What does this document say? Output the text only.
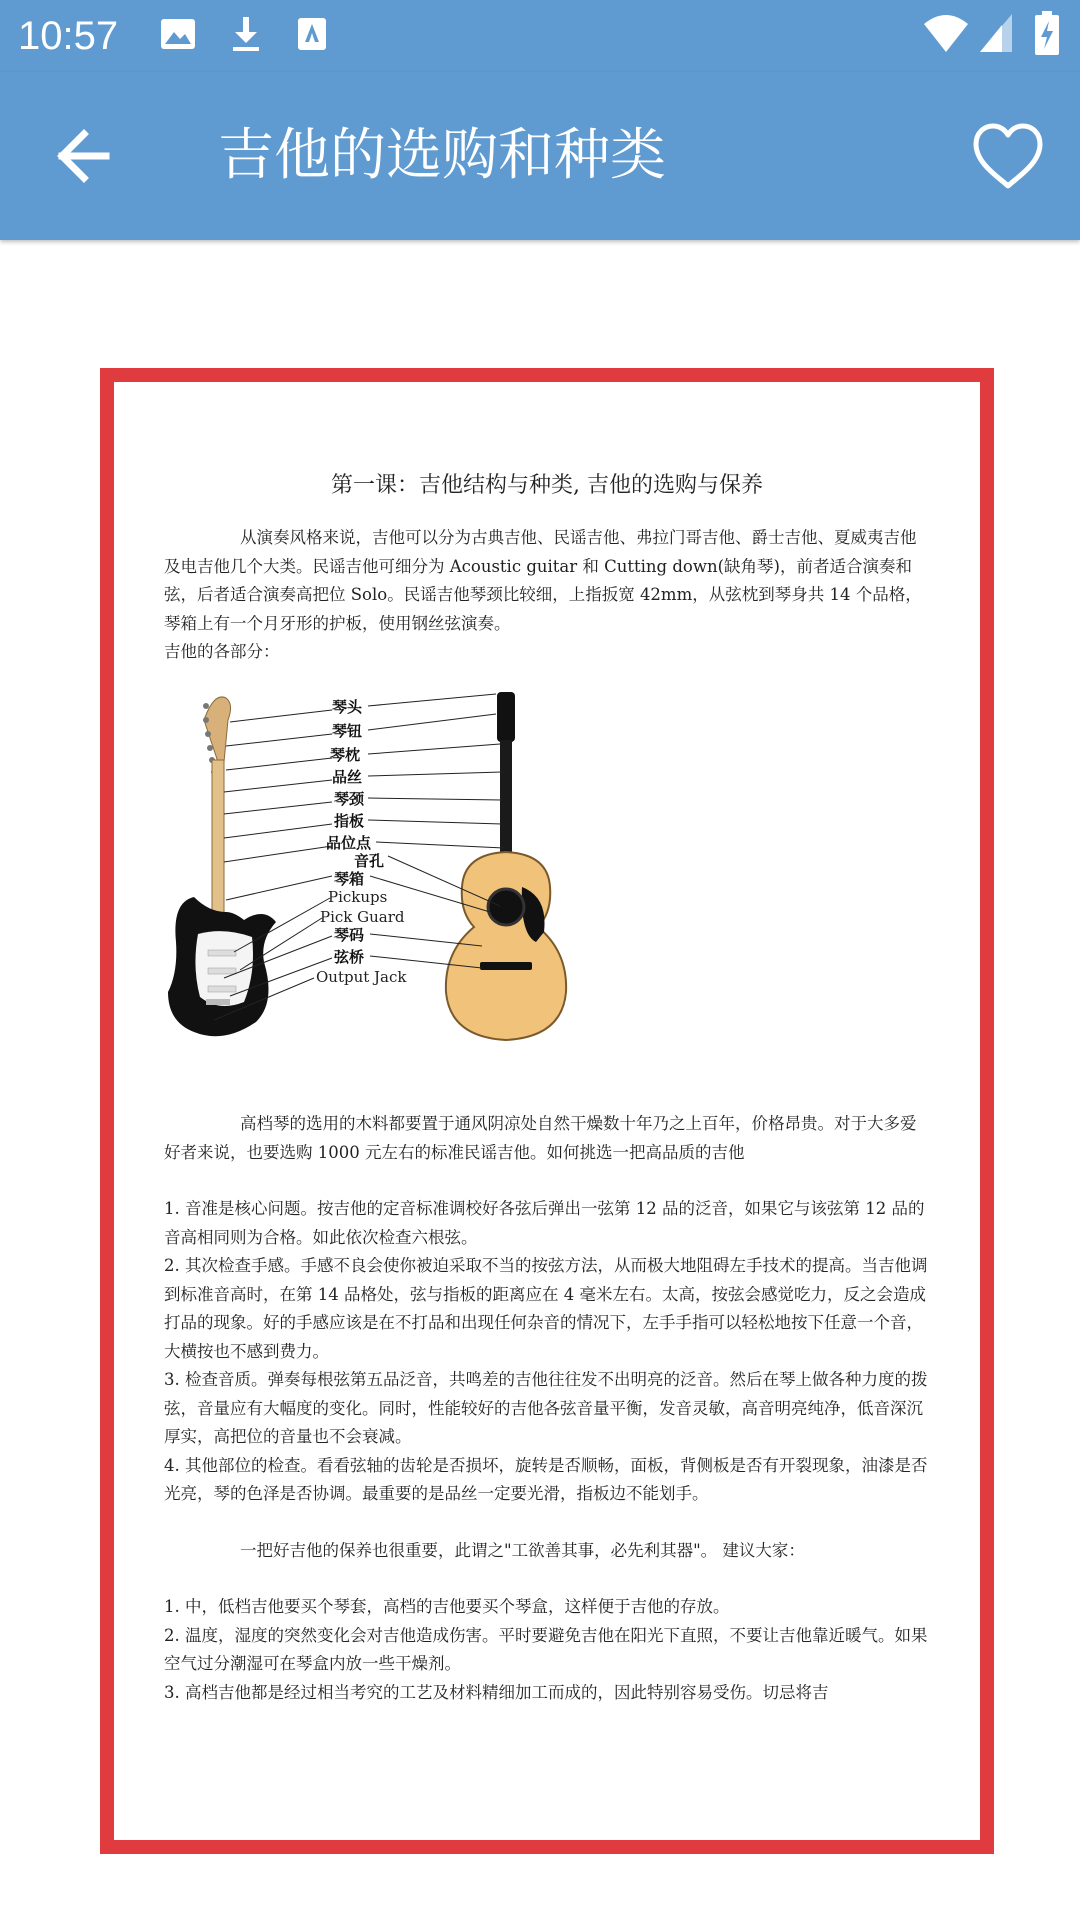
10:57
吉他的选购和种类
第一课：吉他结构与种类, 吉他的选购与保养

从演奏风格来说，吉他可以分为古典吉他、民谣吉他、弗拉门哥吉他、爵士吉他、夏威夷吉他及电吉他几个大类。民谣吉他可细分为 Acoustic guitar 和 Cutting down(缺角琴)，前者适合演奏和弦，后者适合演奏高把位 Solo。民谣吉他琴颈比较细，上指扳宽 42mm，从弦枕到琴身共 14 个品格，琴箱上有一个月牙形的护板，使用钢丝弦演奏。

吉他的各部分：

琴头
琴钮
琴枕
品丝
琴颈
指板
品位点
音孔
琴箱
Pickups
Pick Guard
琴码
弦桥
Output Jack

高档琴的选用的木料都要置于通风阴凉处自然干燥数十年乃之上百年，价格昂贵。对于大多爱好者来说，也要选购 1000 元左右的标准民谣吉他。如何挑选一把高品质的吉他

1. 音准是核心问题。按吉他的定音标准调校好各弦后弹出一弦第 12 品的泛音，如果它与该弦第 12 品的音高相同则为合格。如此依次检查六根弦。

2. 其次检查手感。手感不良会使你被迫采取不当的按弦方法，从而极大地阻碍左手技术的提高。当吉他调到标准音高时，在第 14 品格处，弦与指板的距离应在 4 毫米左右。太高，按弦会感觉吃力，反之会造成打品的现象。好的手感应该是在不打品和出现任何杂音的情况下，左手手指可以轻松地按下任意一个音，大横按也不感到费力。

3. 检查音质。弹奏每根弦第五品泛音，共鸣差的吉他往往发不出明亮的泛音。然后在琴上做各种力度的拨弦，音量应有大幅度的变化。同时，性能较好的吉他各弦音量平衡，发音灵敏，高音明亮纯净，低音深沉厚实，高把位的音量也不会衰减。

4. 其他部位的检查。看看弦轴的齿轮是否损坏，旋转是否顺畅，面板，背侧板是否有开裂现象，油漆是否光亮，琴的色泽是否协调。最重要的是品丝一定要光滑，指板边不能划手。

一把好吉他的保养也很重要，此谓之"工欲善其事，必先利其器"。 建议大家：

1. 中，低档吉他要买个琴套，高档的吉他要买个琴盒，这样便于吉他的存放。

2. 温度，湿度的突然变化会对吉他造成伤害。平时要避免吉他在阳光下直照，不要让吉他靠近暖气。如果空气过分潮湿可在琴盒内放一些干燥剂。

3. 高档吉他都是经过相当考究的工艺及材料精细加工而成的，因此特别容易受伤。切忌将吉
